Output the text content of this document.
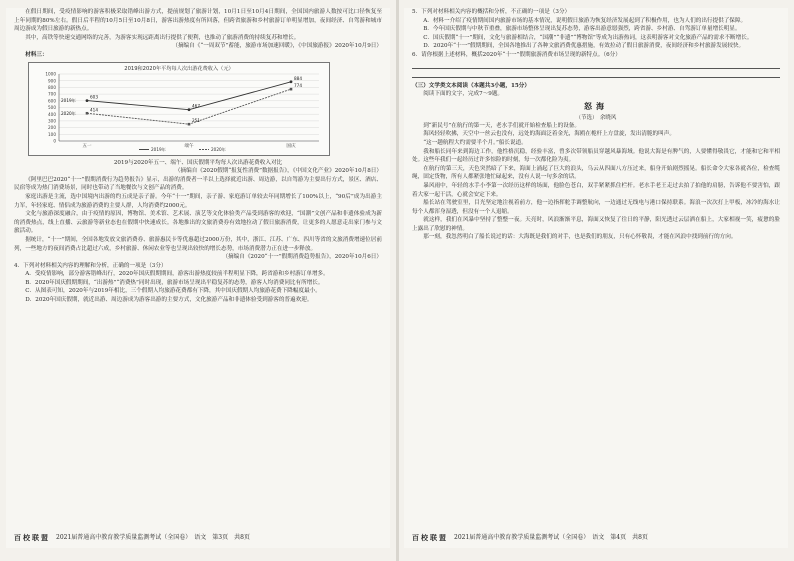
在假日期间，受疫情影响的游客积极采取错峰出游方式，提前规划了旅游计划，10月1日至10月4日期间，全国国内旅游人数按可比口径恢复至上年同期的80%左右。假日后半程的10月5日至10月8日，游客出游热度有所回落，但跨省旅游和乡村旅游订单明显增加，夜间经济、自驾游和城市周边游成为假日旅游的新热点。

其中，高铁等快速交通网络的完善，为游客实现远距离出行提供了便利，也推动了旅游消费的持续复苏和增长。

（摘编自《“一周双节”蓄能，旅游市场加速回暖》，《中国旅游报》2020年10月9日）

材料三：

2019和2020年平均每人次出游花费收入（元）
1000
900
800
700
600
500
400
300
200
100
0
五一	端午	国庆
603
467
884
2019年
2019年
414
251
774
2020年
2020年

2019与2020年五一、端午、国庆假期平均每人次出游花费收入对比

（摘编自《2020假期“报复性消费”数据报告》，《中国文化产业》2020年10月8日）

《阿里巴巴2020“十一”假期消费行为趋势报告》显示，出游的消费者一半以上选择就近出游、周边游，以自驾游为主要出行方式，景区、酒店、民宿等成为热门消费场景，同时也带动了当地餐饮与文创产品的消费。

家庭出游是主流，选中国境内出游的约五成是亲子游。今年“十一”期间，亲子游、家庭游订单较去年同期增长了100%以上，“90后”成为出游主力军，年轻家庭、情侣成为旅游消费的主要人群，人均消费约2000元。

文化与旅游深度融合，由于疫情的原因，博物馆、美术馆、艺术展、演艺等文化体验类产品受到游客的欢迎，“国潮”文创产品和非遗体验成为新的消费热点，线上直播、云旅游等新业态也在假期中快速成长。各地推出的文旅消费券有效地拉动了假日旅游消费，让更多的人愿意走出家门参与文旅活动。

据统计，“十一”期间，全国各地发放文旅消费券、旅游惠民卡等优惠超过2000万份，其中，浙江、江苏、广东、四川等省的文旅消费增速位居前列，一些地方的夜间消费占比超过六成，乡村旅游、休闲农业等也呈现出较快的增长态势，市场消费潜力正在进一步释放。

（摘编自《2020“十一”假期消费趋势报告》，2020年10月6日）

4．下列对材料相关内容的理解和分析，正确的一项是（3分）

A．受疫情影响，部分游客错峰出行，2020年国庆假期期间，游客出游热度较前半程明显下降，跨省游和乡村游订单增多。

B．2020年国庆假期期间，“出游热”“消费热”同时出现，旅游市场呈现出平稳复苏的态势，游客人均消费同比有所增长。

C．从图表可知，2020年与2019年相比，三个假期人均旅游花费都有下降，其中国庆假期人均旅游花费下降幅度最小。

D．2020年国庆假期，就近出游、周边游成为游客出游的主要方式，文化旅游产品和非遗体验受到游客的普遍欢迎。

百校联盟 2021届普通高中教育教学质量监测考试（全国卷）　语文　第3页　共8页

5．下列对材料相关内容的概括和分析，不正确的一项是（3分）

A．材料一介绍了疫情期间国内旅游市场的基本情况，说明假日旅游为恢复经济发展起到了积极作用，也为人们的出行提供了保障。

B．今年国庆假期与中秋节重叠，旅游市场整体呈现出复苏态势，游客出游意愿强烈，跨省游、乡村游、自驾游订单量增长明显。

C．国庆假期“十一”期间，文化与旅游相结合，“国潮”“非遗”“博物馆”等成为出游热词，这表明游客对文化旅游产品的需求不断增长。

D．2020年“十一”假期期间，全国各地推出了各种文旅消费优惠措施，有效拉动了假日旅游消费，夜间经济和乡村旅游发展较快。

6．请你根据上述材料，概括2020年“十一”假期旅游消费市场呈现的新特点。（6分）

（三）文学类文本阅读（本题共3小题，15分）

阅读下面的文字，完成7～9题。

怒海
（节选）　余晓风

到“新民号”在航行的第一天，老水手们就开始检查船上的设备。

海风轻轻吹拂，天空中一丝云也没有，远处的海面泛着金光，海鸥在桅杆上方盘旋，发出清脆的叫声。

“这一趟航程大约需要半个月。”船长说道。

我和船长同年来到海边工作，他性格沉稳，经验丰富，曾多次带领船员穿越风暴海域。他说大海是有脾气的，人要懂得敬畏它，才能和它和平相处。这些年我们一起经历过许多惊险的时刻，每一次都化险为夷。

在航行的第三天，天色突然暗了下来，海面上涌起了巨大的浪头，乌云从四面八方压过来，船身开始剧烈摇晃。船长命令大家各就各位，检查缆绳，固定货物，所有人都紧张地忙碌起来，没有人说一句多余的话。

暴风雨中，年轻的水手小李第一次经历这样的场面，他脸色苍白，双手紧紧抓住栏杆。老水手老王走过去拍了拍他的肩膀，告诉他不要害怕，跟着大家一起干活，心就会安定下来。

船长站在驾驶室里，目光坚定地注视着前方，他一边指挥舵手调整航向，一边通过无线电与港口保持联系。海浪一次次打上甲板，冰冷的海水让每个人都浑身湿透，但没有一个人退缩。

就这样，我们在风暴中坚持了整整一夜。天亮时，风浪渐渐平息，海面又恢复了往日的平静，阳光透过云层洒在船上，大家相视一笑，疲惫的脸上露出了欣慰的神情。

那一刻，我忽然明白了船长说过的话：大海既是我们的对手，也是我们的朋友，只有心怀敬畏，才能在风浪中找到前行的方向。

百校联盟 2021届普通高中教育教学质量监测考试（全国卷）　语文　第4页　共8页
